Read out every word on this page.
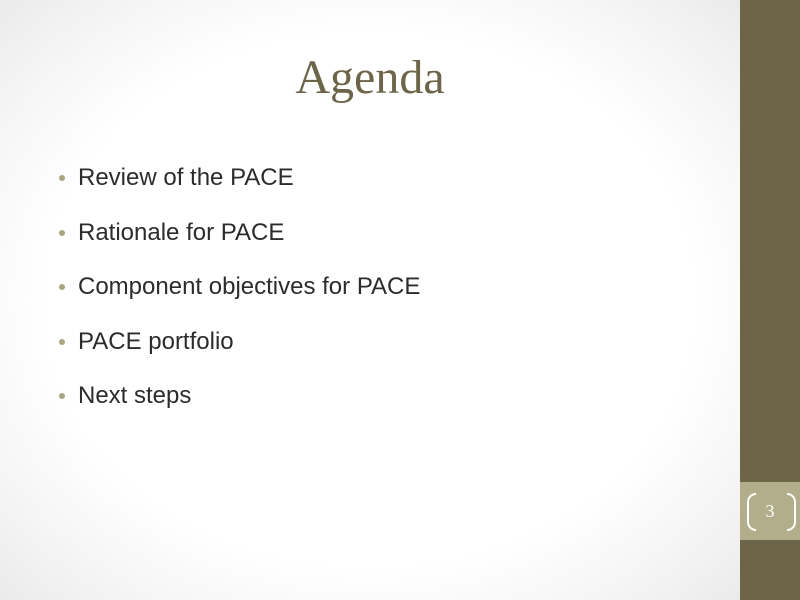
Agenda
Review of the PACE
Rationale for PACE
Component objectives for PACE
PACE portfolio
Next steps
3
